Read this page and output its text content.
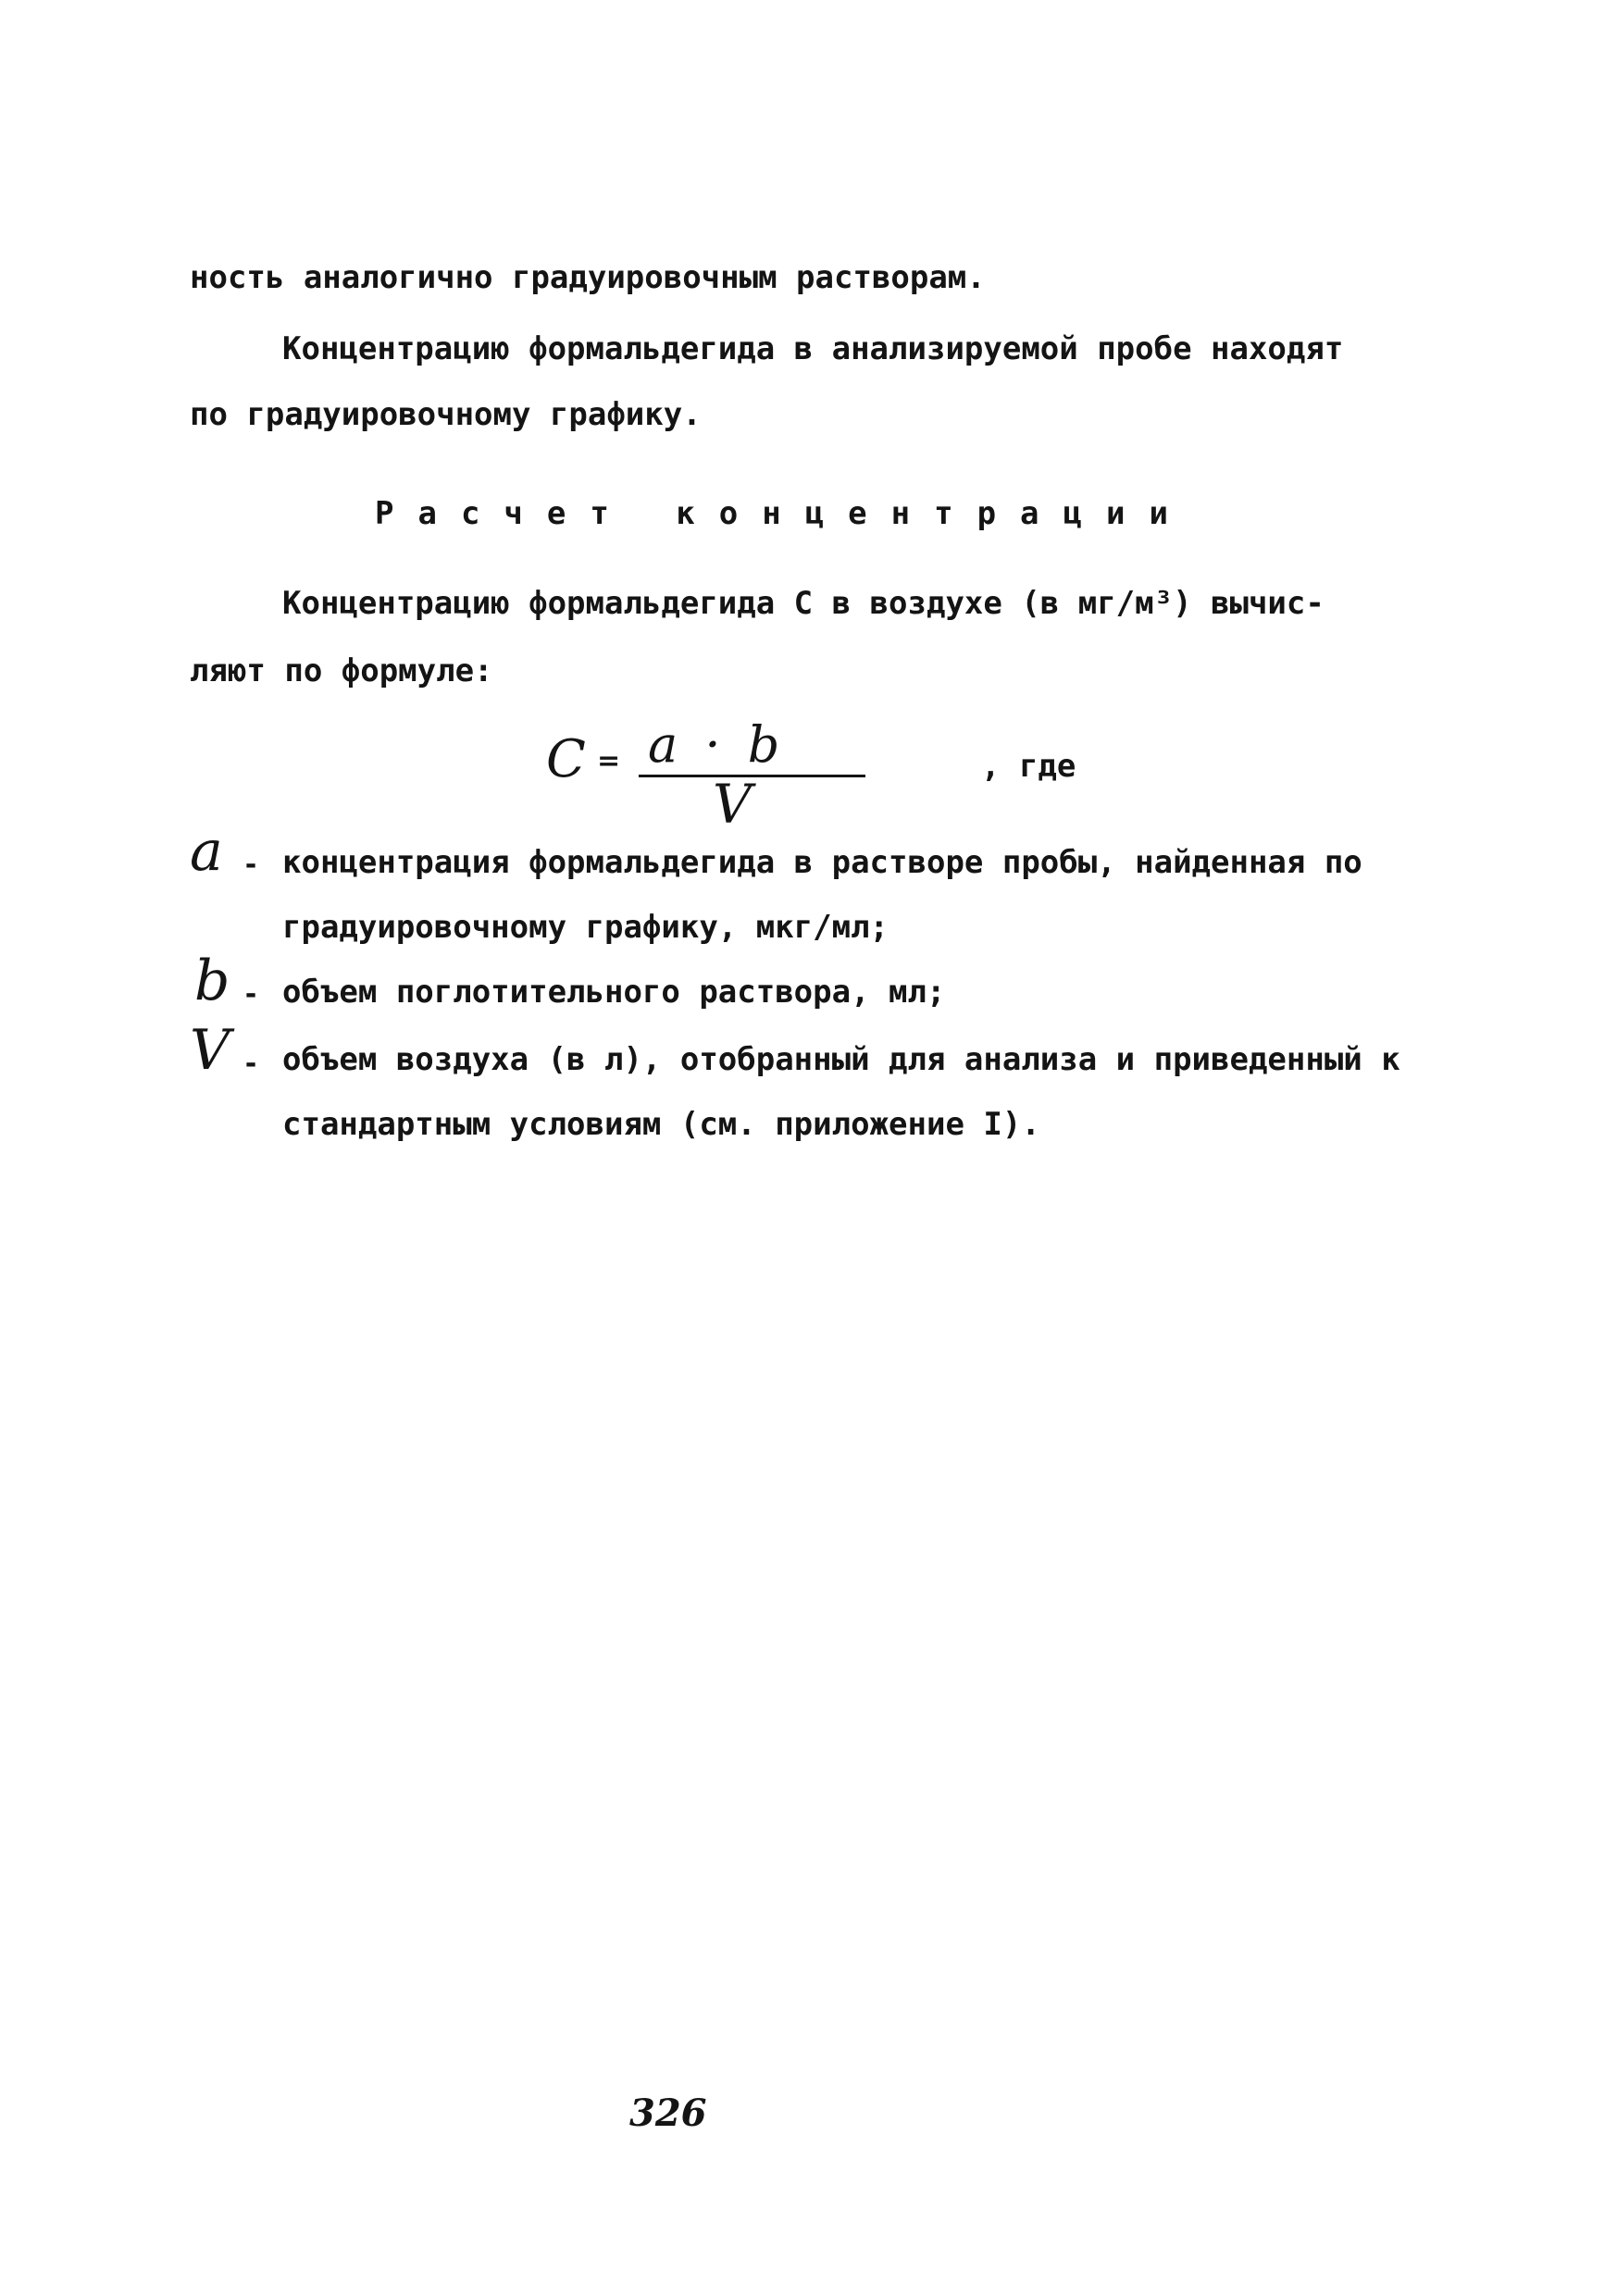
ность аналогично градуировочным растворам.
Концентрацию формальдегида в анализируемой пробе находят
по градуировочному графику.
Расчет концентрации
Концентрацию формальдегида С в воздухе (в мг/м³) вычис-
ляют по формуле:
C = a · b
V
, где
a - концентрация формальдегида в растворе пробы, найденная по
градуировочному графику, мкг/мл;
b - объем поглотительного раствора, мл;
V - объем воздуха (в л), отобранный для анализа и приведенный к
стандартным условиям (см. приложение I).
326
